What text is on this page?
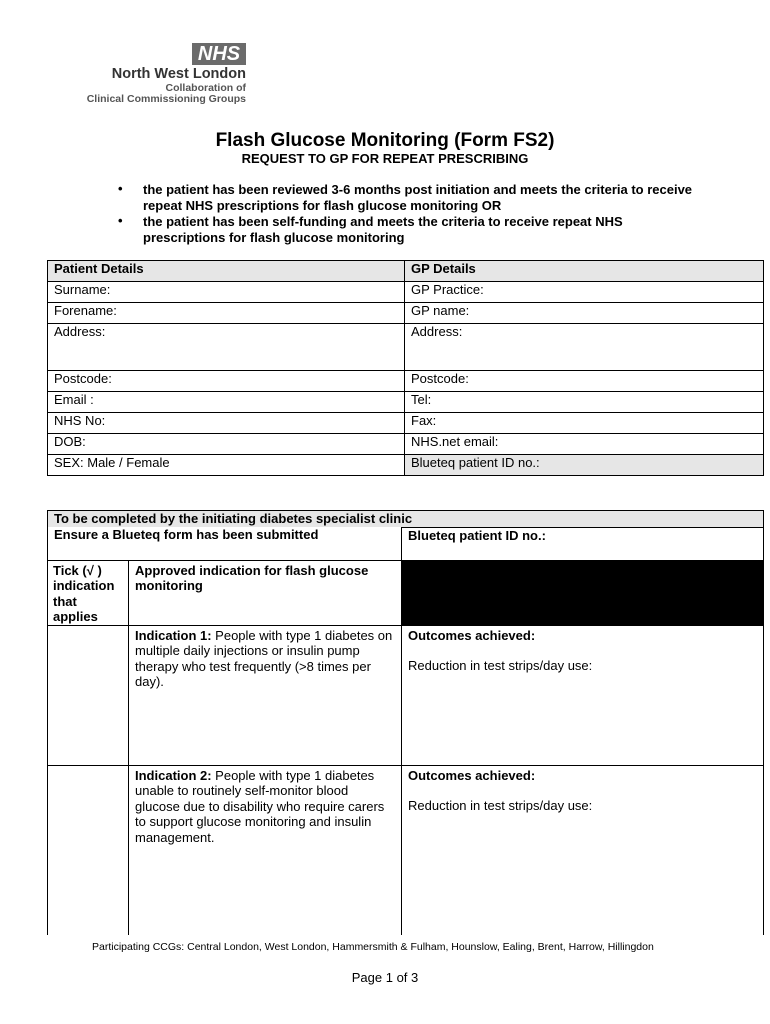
NHS
North West London
Collaboration of
Clinical Commissioning Groups
Flash Glucose Monitoring (Form FS2)
REQUEST TO GP FOR REPEAT PRESCRIBING
• the patient has been reviewed 3-6 months post initiation and meets the criteria to receive repeat NHS prescriptions for flash glucose monitoring OR
• the patient has been self-funding and meets the criteria to receive repeat NHS prescriptions for flash glucose monitoring
Patient Details	GP Details
Surname:	GP Practice:
Forename:	GP name:
Address:	Address:
Postcode:	Postcode:
Email :	Tel:
NHS No:	Fax:
DOB:	NHS.net email:
SEX: Male / Female	Blueteq patient ID no.:
To be completed by the initiating diabetes specialist clinic		
Ensure a Blueteq form has been submitted		Blueteq patient ID no.:
Tick (√ ) indication that applies	Approved indication for flash glucose monitoring	
	Indication 1: People with type 1 diabetes on multiple daily injections or insulin pump therapy who test frequently (>8 times per day).	Outcomes achieved:
Reduction in test strips/day use:

	Indication 2: People with type 1 diabetes unable to routinely self-monitor blood glucose due to disability who require carers to support glucose monitoring and insulin management.	Outcomes achieved:
Reduction in test strips/day use:
Participating CCGs: Central London, West London, Hammersmith & Fulham, Hounslow, Ealing, Brent, Harrow, Hillingdon
Page 1 of 3
